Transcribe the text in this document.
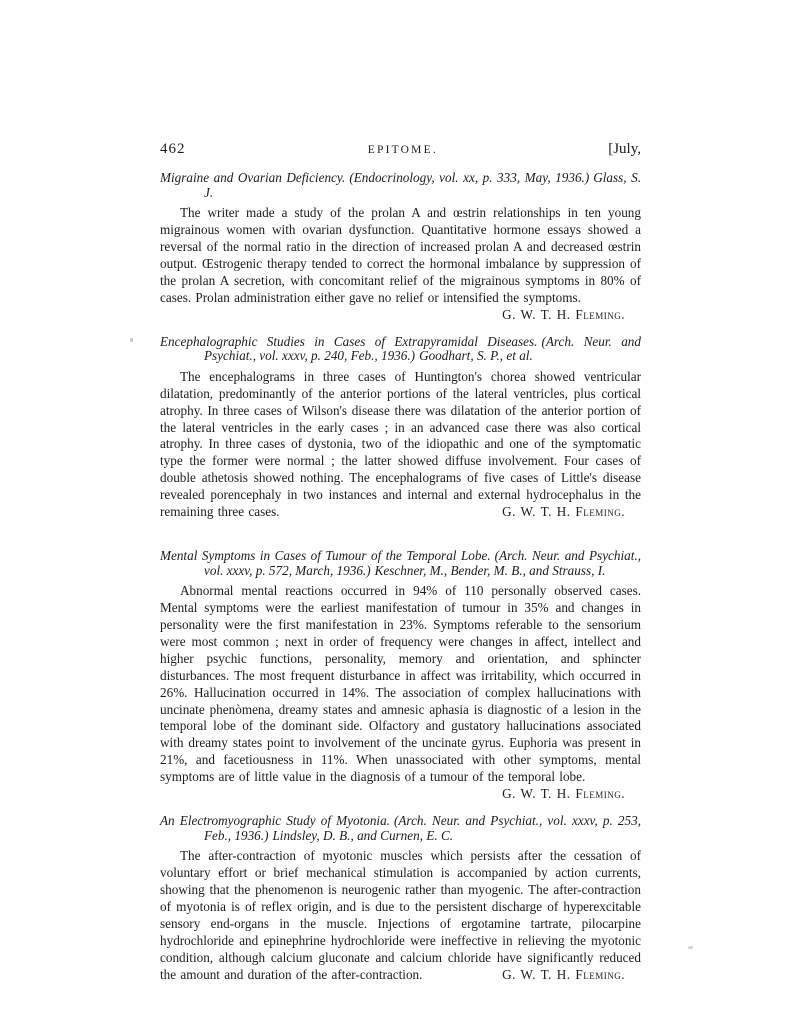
462	EPITOME.	[July,

Migraine and Ovarian Deficiency. (Endocrinology, vol. xx, p. 333, May, 1936.) Glass, S. J.

The writer made a study of the prolan A and œstrin relationships in ten young migrainous women with ovarian dysfunction. Quantitative hormone essays showed a reversal of the normal ratio in the direction of increased prolan A and decreased œstrin output. Œstrogenic therapy tended to correct the hormonal imbalance by suppression of the prolan A secretion, with concomitant relief of the migrainous symptoms in 80% of cases. Prolan administration either gave no relief or intensified the symptoms.
G. W. T. H. Fleming.

Encephalographic Studies in Cases of Extrapyramidal Diseases. (Arch. Neur. and Psychiat., vol. xxxv, p. 240, Feb., 1936.) Goodhart, S. P., et al.

The encephalograms in three cases of Huntington's chorea showed ventricular dilatation, predominantly of the anterior portions of the lateral ventricles, plus cortical atrophy. In three cases of Wilson's disease there was dilatation of the anterior portion of the lateral ventricles in the early cases ; in an advanced case there was also cortical atrophy. In three cases of dystonia, two of the idiopathic and one of the symptomatic type the former were normal ; the latter showed diffuse involvement. Four cases of double athetosis showed nothing. The encephalograms of five cases of Little's disease revealed porencephaly in two instances and internal and external hydrocephalus in the remaining three cases.	G. W. T. H. Fleming.

Mental Symptoms in Cases of Tumour of the Temporal Lobe. (Arch. Neur. and Psychiat., vol. xxxv, p. 572, March, 1936.) Keschner, M., Bender, M. B., and Strauss, I.

Abnormal mental reactions occurred in 94% of 110 personally observed cases. Mental symptoms were the earliest manifestation of tumour in 35% and changes in personality were the first manifestation in 23%. Symptoms referable to the sensorium were most common ; next in order of frequency were changes in affect, intellect and higher psychic functions, personality, memory and orientation, and sphincter disturbances. The most frequent disturbance in affect was irritability, which occurred in 26%. Hallucination occurred in 14%. The association of complex hallucinations with uncinate phenòmena, dreamy states and amnesic aphasia is diagnostic of a lesion in the temporal lobe of the dominant side. Olfactory and gustatory hallucinations associated with dreamy states point to involvement of the uncinate gyrus. Euphoria was present in 21%, and facetiousness in 11%. When unassociated with other symptoms, mental symptoms are of little value in the diagnosis of a tumour of the temporal lobe.
G. W. T. H. Fleming.

An Electromyographic Study of Myotonia. (Arch. Neur. and Psychiat., vol. xxxv, p. 253, Feb., 1936.) Lindsley, D. B., and Curnen, E. C.

The after-contraction of myotonic muscles which persists after the cessation of voluntary effort or brief mechanical stimulation is accompanied by action currents, showing that the phenomenon is neurogenic rather than myogenic. The after-contraction of myotonia is of reflex origin, and is due to the persistent discharge of hyperexcitable sensory end-organs in the muscle. Injections of ergotamine tartrate, pilocarpine hydrochloride and epinephrine hydrochloride were ineffective in relieving the myotonic condition, although calcium gluconate and calcium chloride have significantly reduced the amount and duration of the after-contraction.	G. W. T. H. Fleming.
